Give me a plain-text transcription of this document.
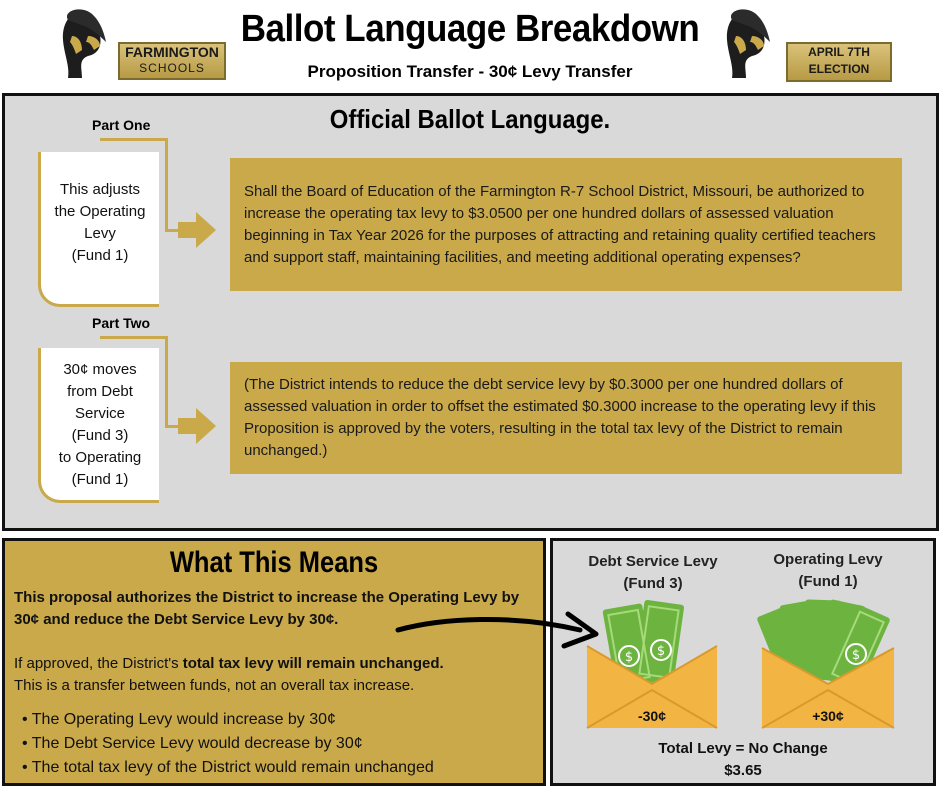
FARMINGTON
SCHOOLS
Ballot Language Breakdown
Proposition Transfer - 30¢ Levy Transfer
APRIL 7TH
ELECTION
Official Ballot Language.
Part One
This adjusts
the Operating
Levy
(Fund 1)
Shall the Board of Education of the Farmington R-7 School District, Missouri, be authorized to increase the operating tax levy to $3.0500 per one hundred dollars of assessed valuation beginning in Tax Year 2026 for the purposes of attracting and retaining quality certified teachers and support staff, maintaining facilities, and meeting additional operating expenses?
Part Two
30¢ moves
from Debt
Service
(Fund 3)
to Operating
(Fund 1)
(The District intends to reduce the debt service levy by $0.3000 per one hundred dollars of assessed valuation in order to offset the estimated $0.3000 increase to the operating levy if this Proposition is approved by the voters, resulting in the total tax levy of the District to remain unchanged.)
What This Means
This proposal authorizes the District to increase the Operating Levy by 30¢ and reduce the Debt Service Levy by 30¢.
If approved, the District's total tax levy will remain unchanged.
This is a transfer between funds, not an overall tax increase.
• The Operating Levy would increase by 30¢
• The Debt Service Levy would decrease by 30¢
• The total tax levy of the District would remain unchanged
Debt Service Levy
(Fund 3)
Operating Levy
(Fund 1)
$
$
-30¢
$
+30¢
Total Levy = No Change
$3.65
